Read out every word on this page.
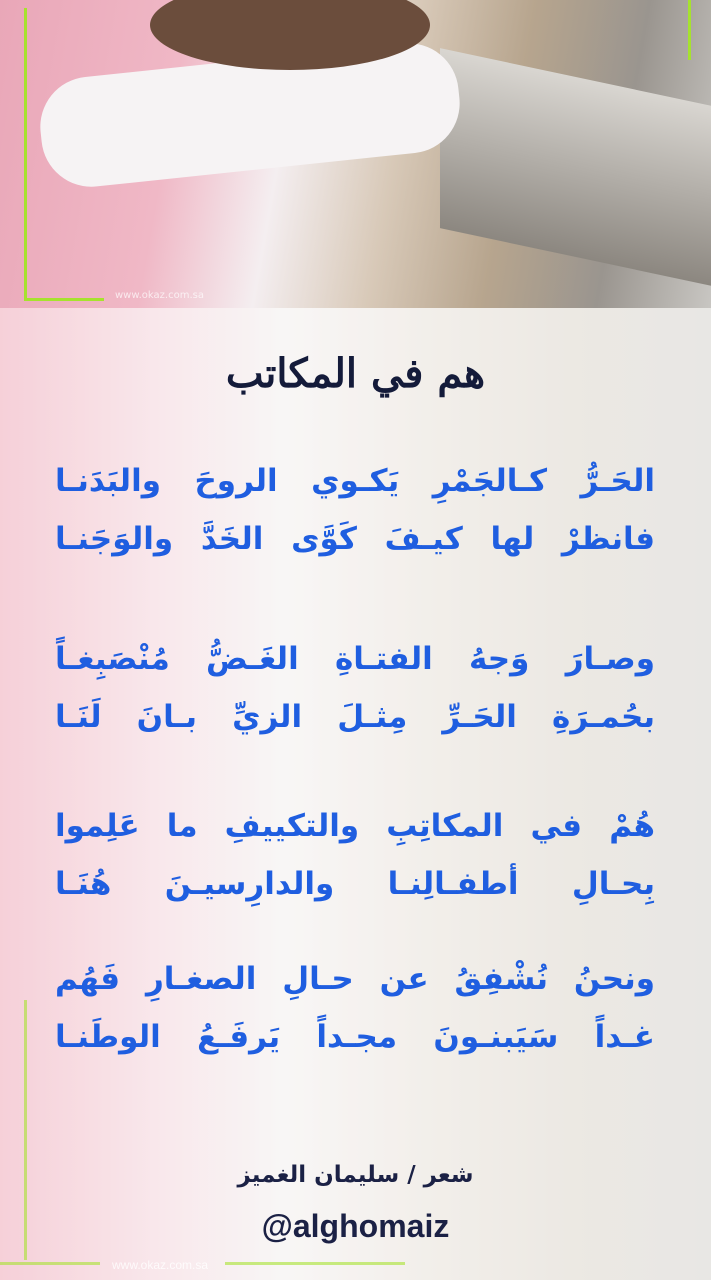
www.okaz.com.sa
هم في المكاتب
الحَـرُّ كـالجَمْرِ يَكـوي الروحَ والبَدَنـا
فانظرْ لها كيـفَ كَوَّى الخَدَّ والوَجَنـا
وصـارَ وَجهُ الفتـاةِ الغَـضُّ مُنْصَبِغـاً
بحُمـرَةِ الحَـرِّ مِثـلَ الزيِّ بـانَ لَنَـا
هُمْ في المكاتِبِ والتكييفِ ما عَلِموا
بِحـالِ أطفـالِنـا والدارِسيـنَ هُنَـا
ونحنُ نُشْفِقُ عن حـالِ الصغـارِ فَهُم
غـداً سَيَبنـونَ مجـداً يَرفَـعُ الوطَنـا
شعر / سليمان الغميز
@alghomaiz
www.okaz.com.sa
